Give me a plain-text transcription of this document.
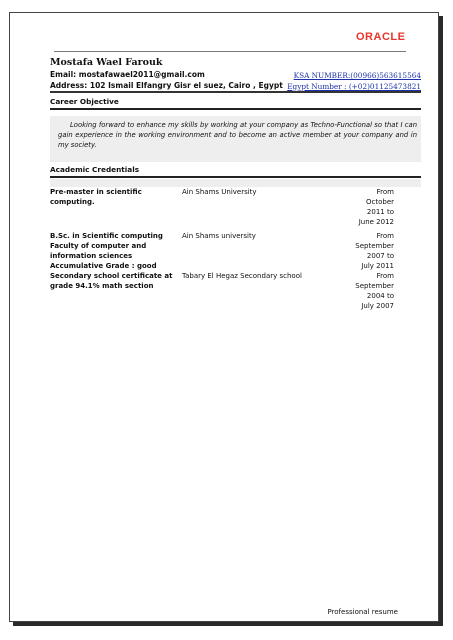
ORACLE
Mostafa Wael Farouk
Email: mostafawael2011@gmail.com
Address: 102 Ismail Elfangry Gisr el suez, Cairo , Egypt
KSA NUMBER:(00966)563615564
Egypt Number : (+02)01125473821
Career Objective
Looking forward to enhance my skills by working at your company as Techno-Functional so that I can gain experience in the working environment and to become an active member at your company and in my society.
Academic Credentials
Pre-master in scientific
computing.
Ain Shams University	From
October
2011 to
June 2012
B.Sc. in Scientific computing
Faculty of computer and
information sciences
Accumulative Grade : good
Ain Shams university	From
September
2007 to
July 2011
Secondary school certificate at
grade 94.1% math section
Tabary El Hegaz Secondary school	From
September
2004 to
July 2007
Professional resume
